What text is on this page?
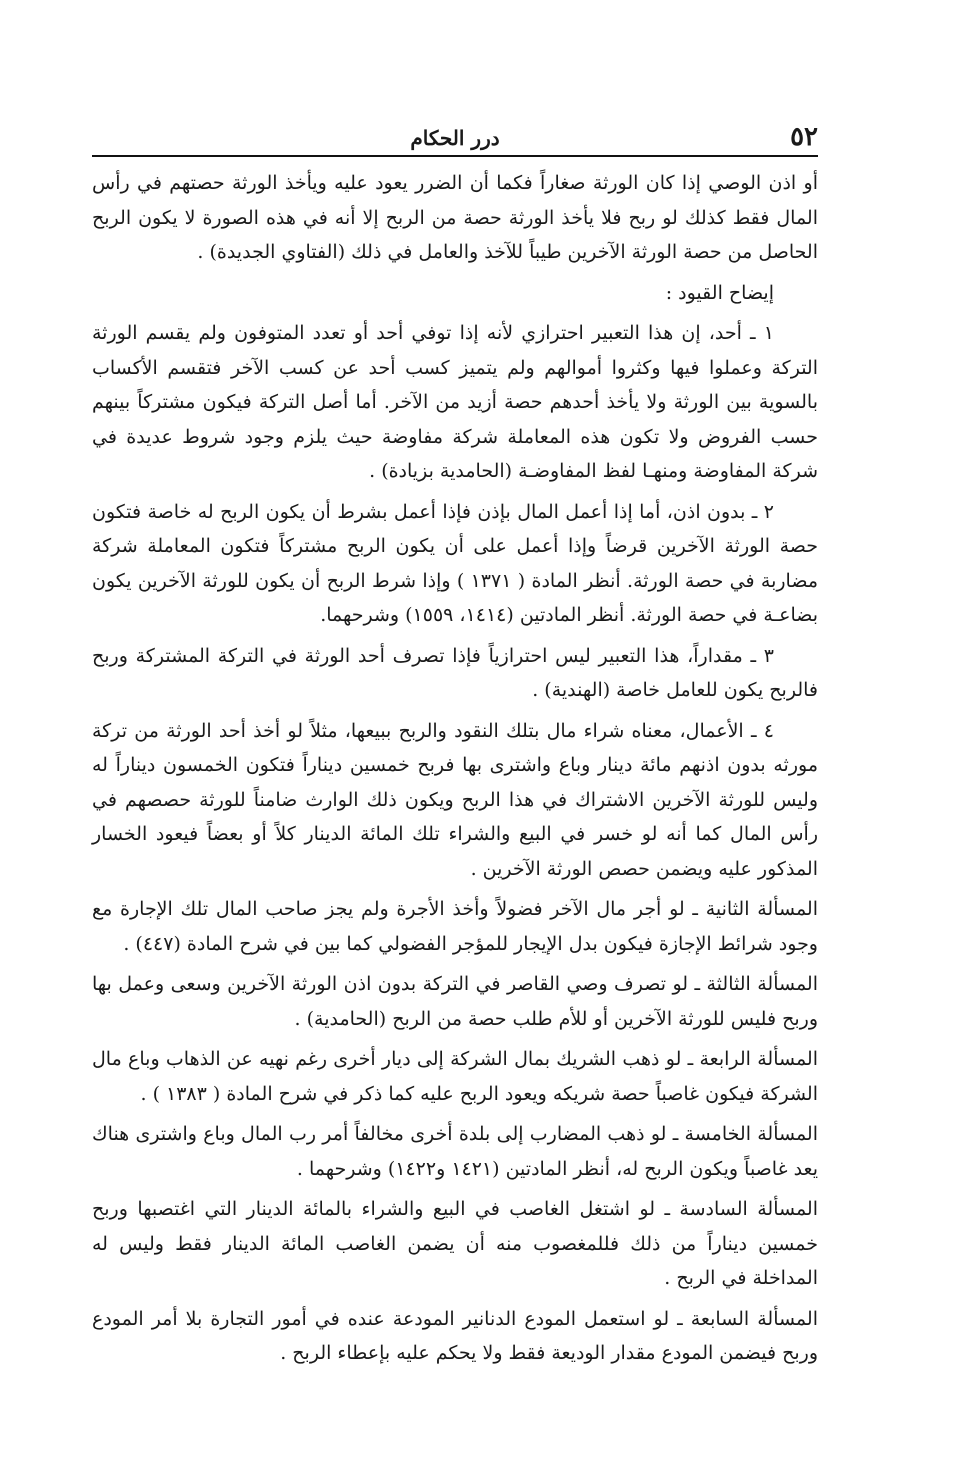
درر الحكام	٥٢

أو اذن الوصي إذا كان الورثة صغاراً فكما أن الضرر يعود عليه ويأخذ الورثة حصتهم في رأس المال فقط كذلك لو ربح فلا يأخذ الورثة حصة من الربح إلا أنه في هذه الصورة لا يكون الربح الحاصل من حصة الورثة الآخرين طيباً للآخذ والعامل في ذلك (الفتاوي الجديدة) .

إيضاح القيود :

١ ـ أحد، إن هذا التعبير احترازي لأنه إذا توفي أحد أو تعدد المتوفون ولم يقسم الورثة التركة وعملوا فيها وكثروا أموالهم ولم يتميز كسب أحد عن كسب الآخر فتقسم الأكساب بالسوية بين الورثة ولا يأخذ أحدهم حصة أزيد من الآخر. أما أصل التركة فيكون مشتركاً بينهم حسب الفروض ولا تكون هذه المعاملة شركة مفاوضة حيث يلزم وجود شروط عديدة في شركة المفاوضة ومنهـا لفظ المفاوضـة (الحامدية بزيادة) .

٢ ـ بدون اذن، أما إذا أعمل المال بإذن فإذا أعمل بشرط أن يكون الربح له خاصة فتكون حصة الورثة الآخرين قرضاً وإذا أعمل على أن يكون الربح مشتركاً فتكون المعاملة شركة مضاربة في حصة الورثة. أنظر المادة ( ١٣٧١ ) وإذا شرط الربح أن يكون للورثة الآخرين يكون بضاعـة في حصة الورثة. أنظر المادتين (١٤١٤، ١٥٥٩) وشرحهما.

٣ ـ مقداراً، هذا التعبير ليس احترازياً فإذا تصرف أحد الورثة في التركة المشتركة وربح فالربح يكون للعامل خاصة (الهندية) .

٤ ـ الأعمال، معناه شراء مال بتلك النقود والربح ببيعها، مثلاً لو أخذ أحد الورثة من تركة مورثه بدون اذنهم مائة دينار وباع واشترى بها فربح خمسين ديناراً فتكون الخمسون ديناراً له وليس للورثة الآخرين الاشتراك في هذا الربح ويكون ذلك الوارث ضامناً للورثة حصصهم في رأس المال كما أنه لو خسر في البيع والشراء تلك المائة الدينار كلاً أو بعضاً فيعود الخسار المذكور عليه ويضمن حصص الورثة الآخرين .

المسألة الثانية ـ لو أجر مال الآخر فضولاً وأخذ الأجرة ولم يجز صاحب المال تلك الإجارة مع وجود شرائط الإجازة فيكون بدل الإيجار للمؤجر الفضولي كما بين في شرح المادة (٤٤٧) .

المسألة الثالثة ـ لو تصرف وصي القاصر في التركة بدون اذن الورثة الآخرين وسعى وعمل بها وربح فليس للورثة الآخرين أو للأم طلب حصة من الربح (الحامدية) .

المسألة الرابعة ـ لو ذهب الشريك بمال الشركة إلى ديار أخرى رغم نهيه عن الذهاب وباع مال الشركة فيكون غاصباً حصة شريكه ويعود الربح عليه كما ذكر في شرح المادة ( ١٣٨٣ ) .

المسألة الخامسة ـ لو ذهب المضارب إلى بلدة أخرى مخالفاً أمر رب المال وباع واشترى هناك يعد غاصباً ويكون الربح له، أنظر المادتين (١٤٢١ و١٤٢٢) وشرحهما .

المسألة السادسة ـ لو اشتغل الغاصب في البيع والشراء بالمائة الدينار التي اغتصبها وربح خمسين ديناراً من ذلك فللمغصوب منه أن يضمن الغاصب المائة الدينار فقط وليس له المداخلة في الربح .

المسألة السابعة ـ لو استعمل المودع الدنانير المودعة عنده في أمور التجارة بلا أمر المودع وربح فيضمن المودع مقدار الوديعة فقط ولا يحكم عليه بإعطاء الربح .
